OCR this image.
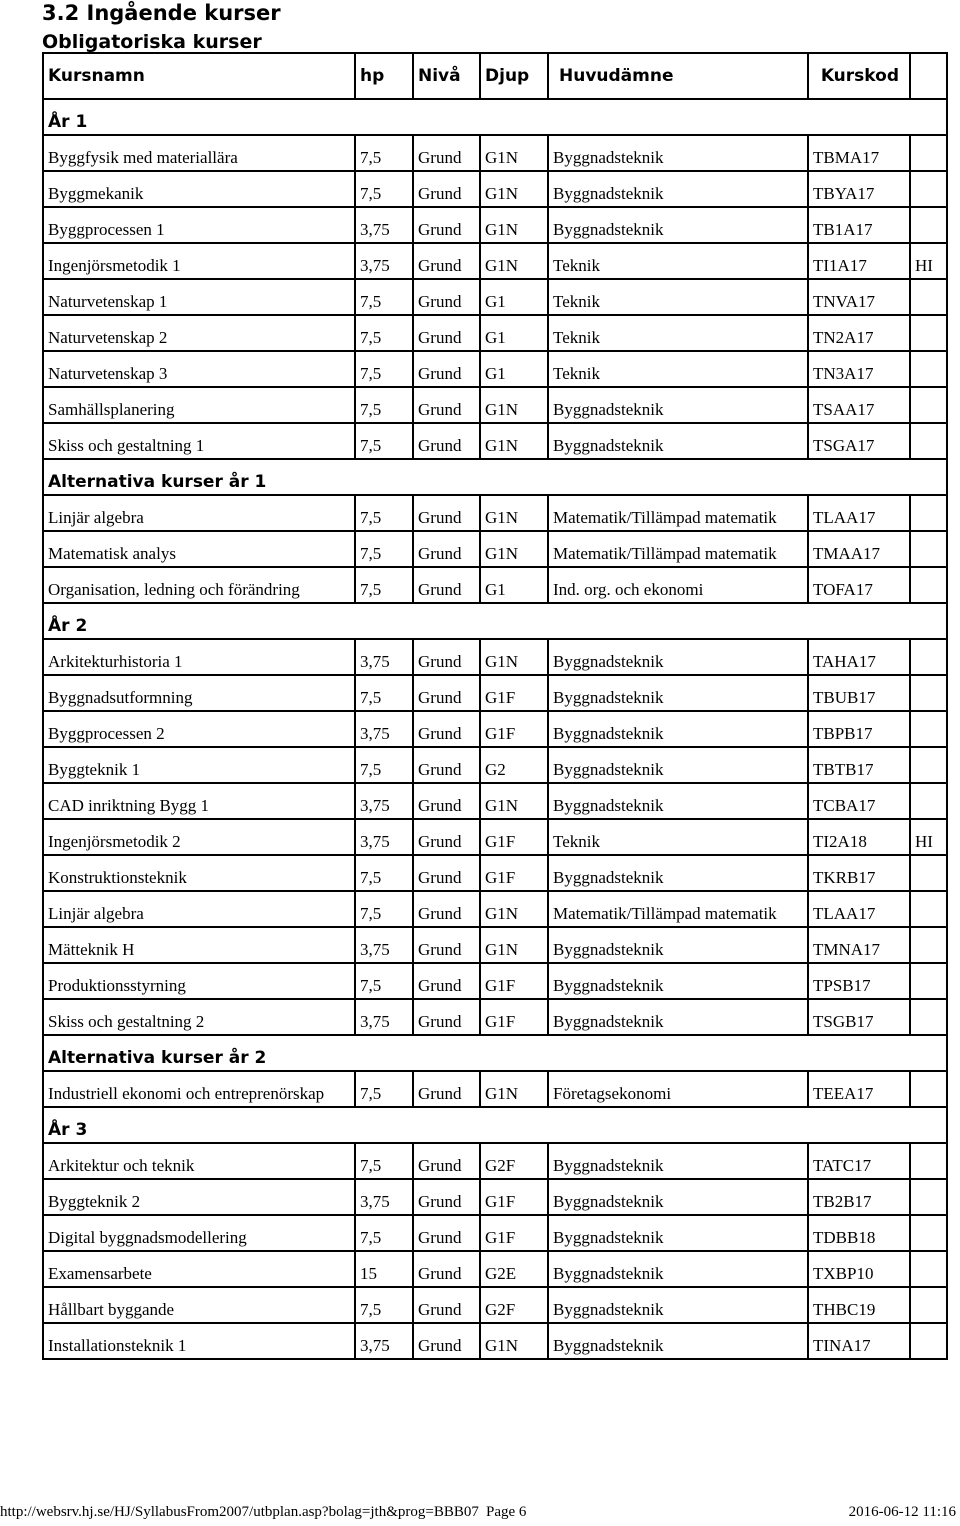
3.2 Ingående kurser
Obligatoriska kurser
Kursnamn	hp	Nivå	Djup	Huvudämne	Kurskod	
År 1						
Byggfysik med materiallära	7,5	Grund	G1N	Byggnadsteknik	TBMA17	
Byggmekanik	7,5	Grund	G1N	Byggnadsteknik	TBYA17	
Byggprocessen 1	3,75	Grund	G1N	Byggnadsteknik	TB1A17	
Ingenjörsmetodik 1	3,75	Grund	G1N	Teknik	TI1A17	HI
Naturvetenskap 1	7,5	Grund	G1	Teknik	TNVA17	
Naturvetenskap 2	7,5	Grund	G1	Teknik	TN2A17	
Naturvetenskap 3	7,5	Grund	G1	Teknik	TN3A17	
Samhällsplanering	7,5	Grund	G1N	Byggnadsteknik	TSAA17	
Skiss och gestaltning 1	7,5	Grund	G1N	Byggnadsteknik	TSGA17	
Alternativa kurser år 1						
Linjär algebra	7,5	Grund	G1N	Matematik/Tillämpad matematik	TLAA17	
Matematisk analys	7,5	Grund	G1N	Matematik/Tillämpad matematik	TMAA17	
Organisation, ledning och förändring	7,5	Grund	G1	Ind. org. och ekonomi	TOFA17	
År 2						
Arkitekturhistoria 1	3,75	Grund	G1N	Byggnadsteknik	TAHA17	
Byggnadsutformning	7,5	Grund	G1F	Byggnadsteknik	TBUB17	
Byggprocessen 2	3,75	Grund	G1F	Byggnadsteknik	TBPB17	
Byggteknik 1	7,5	Grund	G2	Byggnadsteknik	TBTB17	
CAD inriktning Bygg 1	3,75	Grund	G1N	Byggnadsteknik	TCBA17	
Ingenjörsmetodik 2	3,75	Grund	G1F	Teknik	TI2A18	HI
Konstruktionsteknik	7,5	Grund	G1F	Byggnadsteknik	TKRB17	
Linjär algebra	7,5	Grund	G1N	Matematik/Tillämpad matematik	TLAA17	
Mätteknik H	3,75	Grund	G1N	Byggnadsteknik	TMNA17	
Produktionsstyrning	7,5	Grund	G1F	Byggnadsteknik	TPSB17	
Skiss och gestaltning 2	3,75	Grund	G1F	Byggnadsteknik	TSGB17	
Alternativa kurser år 2						
Industriell ekonomi och entreprenörskap	7,5	Grund	G1N	Företagsekonomi	TEEA17	
År 3						
Arkitektur och teknik	7,5	Grund	G2F	Byggnadsteknik	TATC17	
Byggteknik 2	3,75	Grund	G1F	Byggnadsteknik	TB2B17	
Digital byggnadsmodellering	7,5	Grund	G1F	Byggnadsteknik	TDBB18	
Examensarbete	15	Grund	G2E	Byggnadsteknik	TXBP10	
Hållbart byggande	7,5	Grund	G2F	Byggnadsteknik	THBC19	
Installationsteknik 1	3,75	Grund	G1N	Byggnadsteknik	TINA17	
http://websrv.hj.se/HJ/SyllabusFrom2007/utbplan.asp?bolag=jth&prog=BBB07 Page 6	2016-06-12 11:16
